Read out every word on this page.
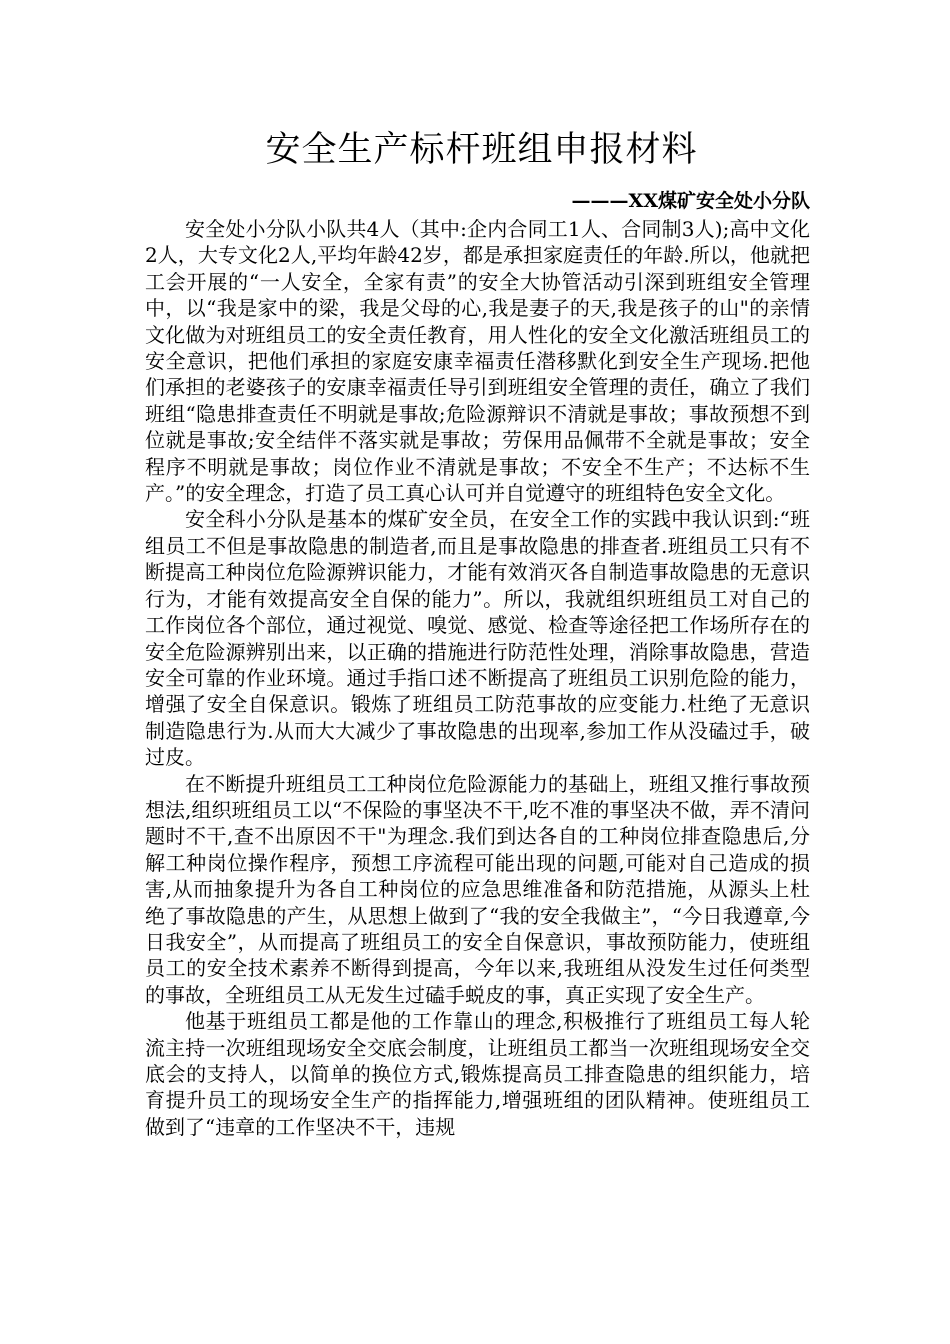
安全生产标杆班组申报材料
———XX煤矿安全处小分队

安全处小分队小队共4人（其中:企内合同工1人、合同制3人);高中文化2人，大专文化2人,平均年龄42岁，都是承担家庭责任的年龄.所以，他就把工会开展的“一人安全，全家有责”的安全大协管活动引深到班组安全管理中，以“我是家中的梁，我是父母的心,我是妻子的天,我是孩子的山"的亲情文化做为对班组员工的安全责任教育，用人性化的安全文化激活班组员工的安全意识，把他们承担的家庭安康幸福责任潜移默化到安全生产现场.把他们承担的老婆孩子的安康幸福责任导引到班组安全管理的责任，确立了我们班组“隐患排查责任不明就是事故;危险源辩识不清就是事故；事故预想不到位就是事故;安全结伴不落实就是事故；劳保用品佩带不全就是事故；安全程序不明就是事故；岗位作业不清就是事故；不安全不生产；不达标不生产。”的安全理念，打造了员工真心认可并自觉遵守的班组特色安全文化。

安全科小分队是基本的煤矿安全员，在安全工作的实践中我认识到:“班组员工不但是事故隐患的制造者,而且是事故隐患的排查者.班组员工只有不断提高工种岗位危险源辨识能力，才能有效消灭各自制造事故隐患的无意识行为，才能有效提高安全自保的能力”。所以，我就组织班组员工对自己的工作岗位各个部位，通过视觉、嗅觉、感觉、检查等途径把工作场所存在的安全危险源辨别出来，以正确的措施进行防范性处理，消除事故隐患，营造安全可靠的作业环境。通过手指口述不断提高了班组员工识别危险的能力，增强了安全自保意识。锻炼了班组员工防范事故的应变能力.杜绝了无意识制造隐患行为.从而大大减少了事故隐患的出现率,参加工作从没磕过手，破过皮。

在不断提升班组员工工种岗位危险源能力的基础上，班组又推行事故预想法,组织班组员工以“不保险的事坚决不干,吃不准的事坚决不做，弄不清问题时不干,查不出原因不干"为理念.我们到达各自的工种岗位排查隐患后,分解工种岗位操作程序，预想工序流程可能出现的问题,可能对自己造成的损害,从而抽象提升为各自工种岗位的应急思维准备和防范措施，从源头上杜绝了事故隐患的产生，从思想上做到了“我的安全我做主”，“今日我遵章,今日我安全”，从而提高了班组员工的安全自保意识，事故预防能力，使班组员工的安全技术素养不断得到提高，今年以来,我班组从没发生过任何类型的事故，全班组员工从无发生过磕手蜕皮的事，真正实现了安全生产。

他基于班组员工都是他的工作靠山的理念,积极推行了班组员工每人轮流主持一次班组现场安全交底会制度，让班组员工都当一次班组现场安全交底会的支持人，以简单的换位方式,锻炼提高员工排查隐患的组织能力，培育提升员工的现场安全生产的指挥能力,增强班组的团队精神。使班组员工做到了“违章的工作坚决不干，违规
